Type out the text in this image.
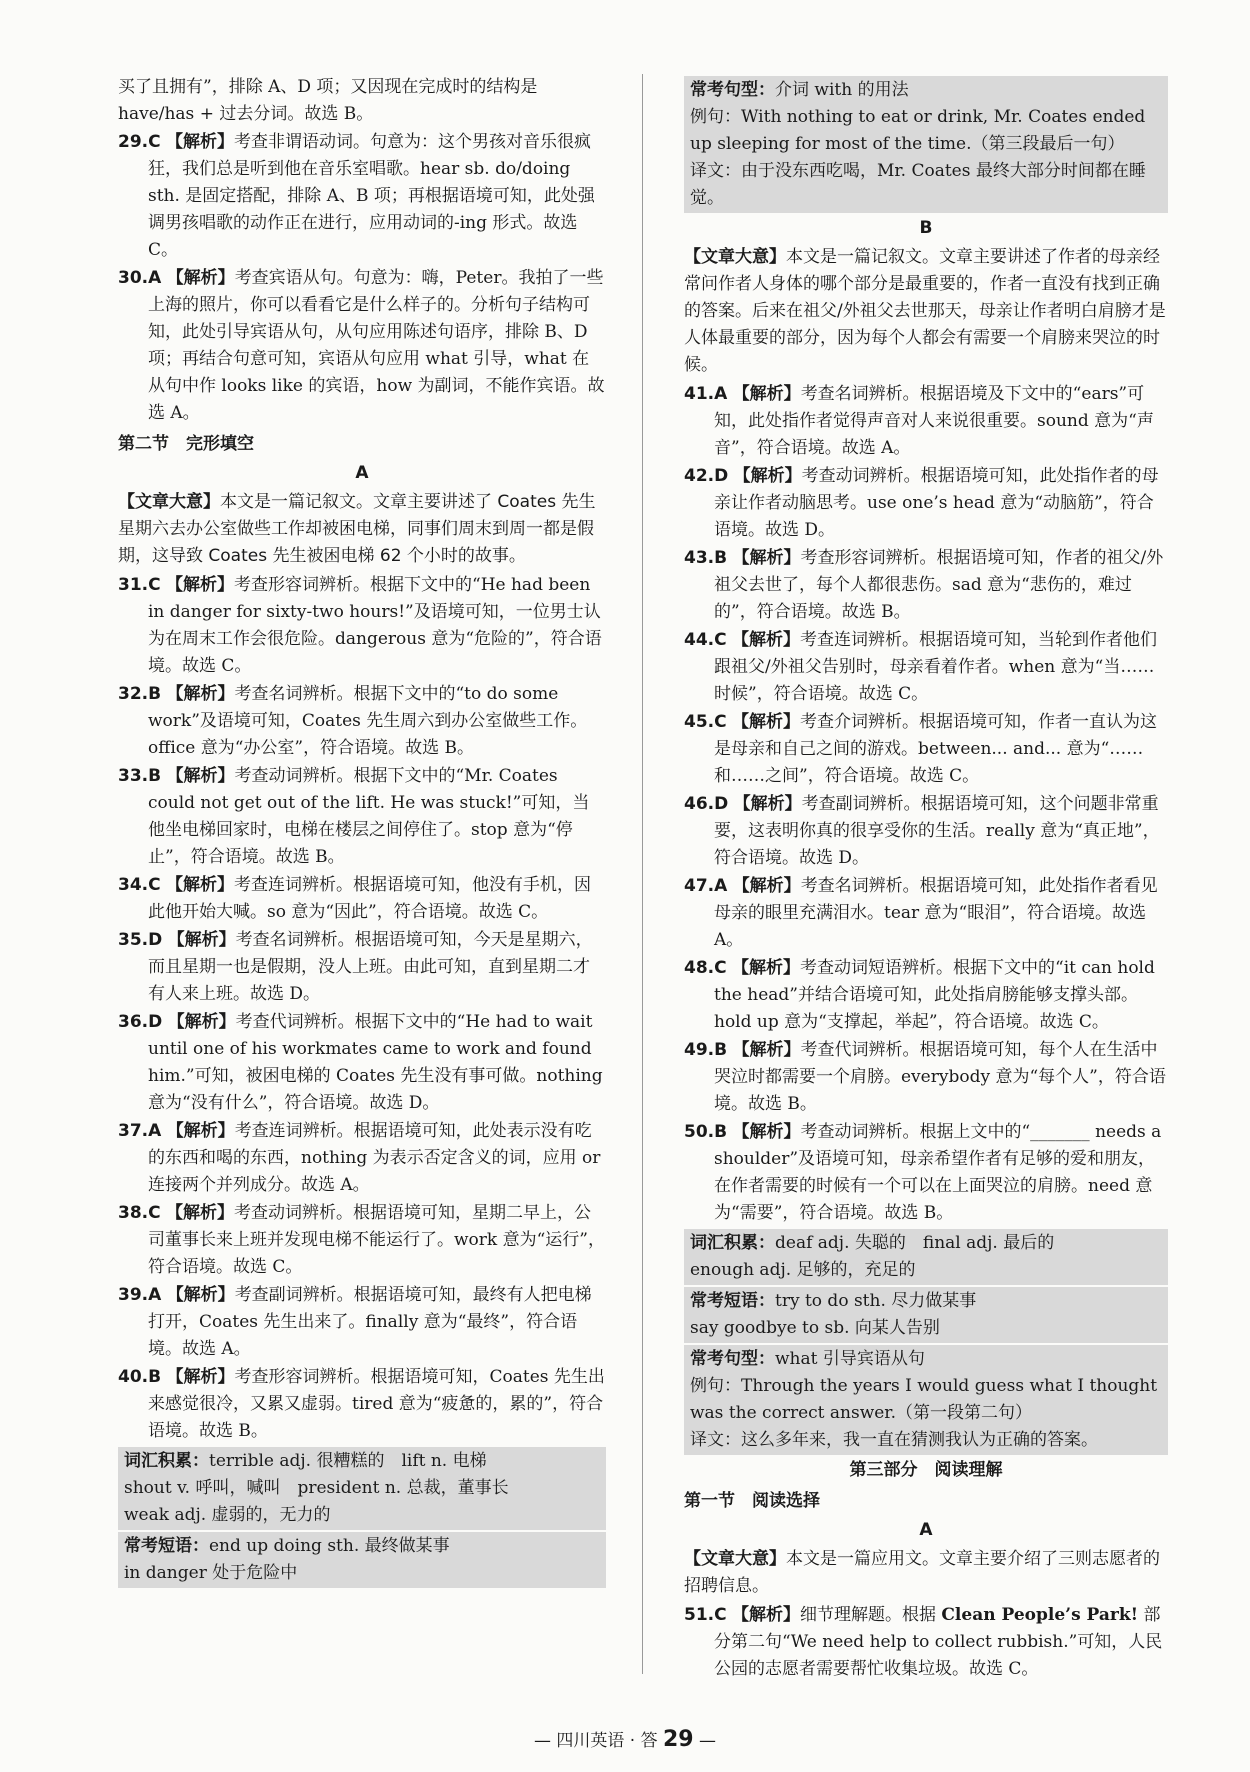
买了且拥有”，排除 A、D 项；又因现在完成时的结构是 have/has + 过去分词。故选 B。

29.C 【解析】考查非谓语动词。句意为：这个男孩对音乐很疯狂，我们总是听到他在音乐室唱歌。hear sb. do/doing sth. 是固定搭配，排除 A、B 项；再根据语境可知，此处强调男孩唱歌的动作正在进行，应用动词的-ing 形式。故选 C。

30.A 【解析】考查宾语从句。句意为：嗨，Peter。我拍了一些上海的照片，你可以看看它是什么样子的。分析句子结构可知，此处引导宾语从句，从句应用陈述句语序，排除 B、D 项；再结合句意可知，宾语从句应用 what 引导，what 在从句中作 looks like 的宾语，how 为副词，不能作宾语。故选 A。

第二节　完形填空
A

【文章大意】本文是一篇记叙文。文章主要讲述了 Coates 先生星期六去办公室做些工作却被困电梯，同事们周末到周一都是假期，这导致 Coates 先生被困电梯 62 个小时的故事。

31.C 【解析】考查形容词辨析。根据下文中的“He had been in danger for sixty-two hours!”及语境可知，一位男士认为在周末工作会很危险。dangerous 意为“危险的”，符合语境。故选 C。

32.B 【解析】考查名词辨析。根据下文中的“to do some work”及语境可知，Coates 先生周六到办公室做些工作。office 意为“办公室”，符合语境。故选 B。

33.B 【解析】考查动词辨析。根据下文中的“Mr. Coates could not get out of the lift. He was stuck!”可知，当他坐电梯回家时，电梯在楼层之间停住了。stop 意为“停止”，符合语境。故选 B。

34.C 【解析】考查连词辨析。根据语境可知，他没有手机，因此他开始大喊。so 意为“因此”，符合语境。故选 C。

35.D 【解析】考查名词辨析。根据语境可知，今天是星期六，而且星期一也是假期，没人上班。由此可知，直到星期二才有人来上班。故选 D。

36.D 【解析】考查代词辨析。根据下文中的“He had to wait until one of his workmates came to work and found him.”可知，被困电梯的 Coates 先生没有事可做。nothing 意为“没有什么”，符合语境。故选 D。

37.A 【解析】考查连词辨析。根据语境可知，此处表示没有吃的东西和喝的东西，nothing 为表示否定含义的词，应用 or 连接两个并列成分。故选 A。

38.C 【解析】考查动词辨析。根据语境可知，星期二早上，公司董事长来上班并发现电梯不能运行了。work 意为“运行”，符合语境。故选 C。

39.A 【解析】考查副词辨析。根据语境可知，最终有人把电梯打开，Coates 先生出来了。finally 意为“最终”，符合语境。故选 A。

40.B 【解析】考查形容词辨析。根据语境可知，Coates 先生出来感觉很冷，又累又虚弱。tired 意为“疲惫的，累的”，符合语境。故选 B。

词汇积累：terrible adj. 很糟糕的　lift n. 电梯
shout v. 呼叫，喊叫　president n. 总裁，董事长
weak adj. 虚弱的，无力的
常考短语：end up doing sth. 最终做某事
in danger 处于危险中
常考句型：介词 with 的用法
例句：With nothing to eat or drink, Mr. Coates ended up sleeping for most of the time.（第三段最后一句）
译文：由于没东西吃喝，Mr. Coates 最终大部分时间都在睡觉。
B

【文章大意】本文是一篇记叙文。文章主要讲述了作者的母亲经常问作者人身体的哪个部分是最重要的，作者一直没有找到正确的答案。后来在祖父/外祖父去世那天，母亲让作者明白肩膀才是人体最重要的部分，因为每个人都会有需要一个肩膀来哭泣的时候。

41.A 【解析】考查名词辨析。根据语境及下文中的“ears”可知，此处指作者觉得声音对人来说很重要。sound 意为“声音”，符合语境。故选 A。

42.D 【解析】考查动词辨析。根据语境可知，此处指作者的母亲让作者动脑思考。use one’s head 意为“动脑筋”，符合语境。故选 D。

43.B 【解析】考查形容词辨析。根据语境可知，作者的祖父/外祖父去世了，每个人都很悲伤。sad 意为“悲伤的，难过的”，符合语境。故选 B。

44.C 【解析】考查连词辨析。根据语境可知，当轮到作者他们跟祖父/外祖父告别时，母亲看着作者。when 意为“当……时候”，符合语境。故选 C。

45.C 【解析】考查介词辨析。根据语境可知，作者一直认为这是母亲和自己之间的游戏。between... and... 意为“……和……之间”，符合语境。故选 C。

46.D 【解析】考查副词辨析。根据语境可知，这个问题非常重要，这表明你真的很享受你的生活。really 意为“真正地”，符合语境。故选 D。

47.A 【解析】考查名词辨析。根据语境可知，此处指作者看见母亲的眼里充满泪水。tear 意为“眼泪”，符合语境。故选 A。

48.C 【解析】考查动词短语辨析。根据下文中的“it can hold the head”并结合语境可知，此处指肩膀能够支撑头部。hold up 意为“支撑起，举起”，符合语境。故选 C。

49.B 【解析】考查代词辨析。根据语境可知，每个人在生活中哭泣时都需要一个肩膀。everybody 意为“每个人”，符合语境。故选 B。

50.B 【解析】考查动词辨析。根据上文中的“_______ needs a shoulder”及语境可知，母亲希望作者有足够的爱和朋友，在作者需要的时候有一个可以在上面哭泣的肩膀。need 意为“需要”，符合语境。故选 B。

词汇积累：deaf adj. 失聪的　final adj. 最后的
enough adj. 足够的，充足的
常考短语：try to do sth. 尽力做某事
say goodbye to sb. 向某人告别
常考句型：what 引导宾语从句
例句：Through the years I would guess what I thought was the correct answer.（第一段第二句）
译文：这么多年来，我一直在猜测我认为正确的答案。
第三部分　阅读理解
第一节　阅读选择
A

【文章大意】本文是一篇应用文。文章主要介绍了三则志愿者的招聘信息。

51.C 【解析】细节理解题。根据 Clean People’s Park! 部分第二句“We need help to collect rubbish.”可知，人民公园的志愿者需要帮忙收集垃圾。故选 C。

— 四川英语 · 答 29 —
